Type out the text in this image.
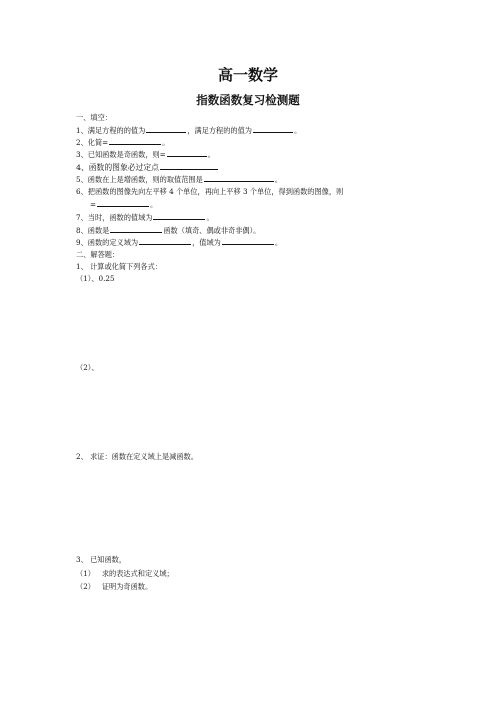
高一数学
指数函数复习检测题
一、填空：
1、满足方程的的值为	，满足方程的的值为	。
2、化简=	。
3、已知函数是奇函数，则=	。
4、函数的图象必过定点
5、函数在上是增函数，则的取值范围是	。
6、把函数的图像先向左平移 4 个单位，再向上平移 3 个单位，得到函数的图像，则
=	。
7、当时，函数的值域为	。
8、函数是	函数（填奇、偶或非奇非偶）。
9、函数的定义域为	，值域为	。
二、解答题：
1、 计算或化简下列各式：
（1）、0.25
（2）、
2、 求证：函数在定义域上是减函数。
3、 已知函数，
（1） 求的表达式和定义域；
（2） 证明为奇函数。
